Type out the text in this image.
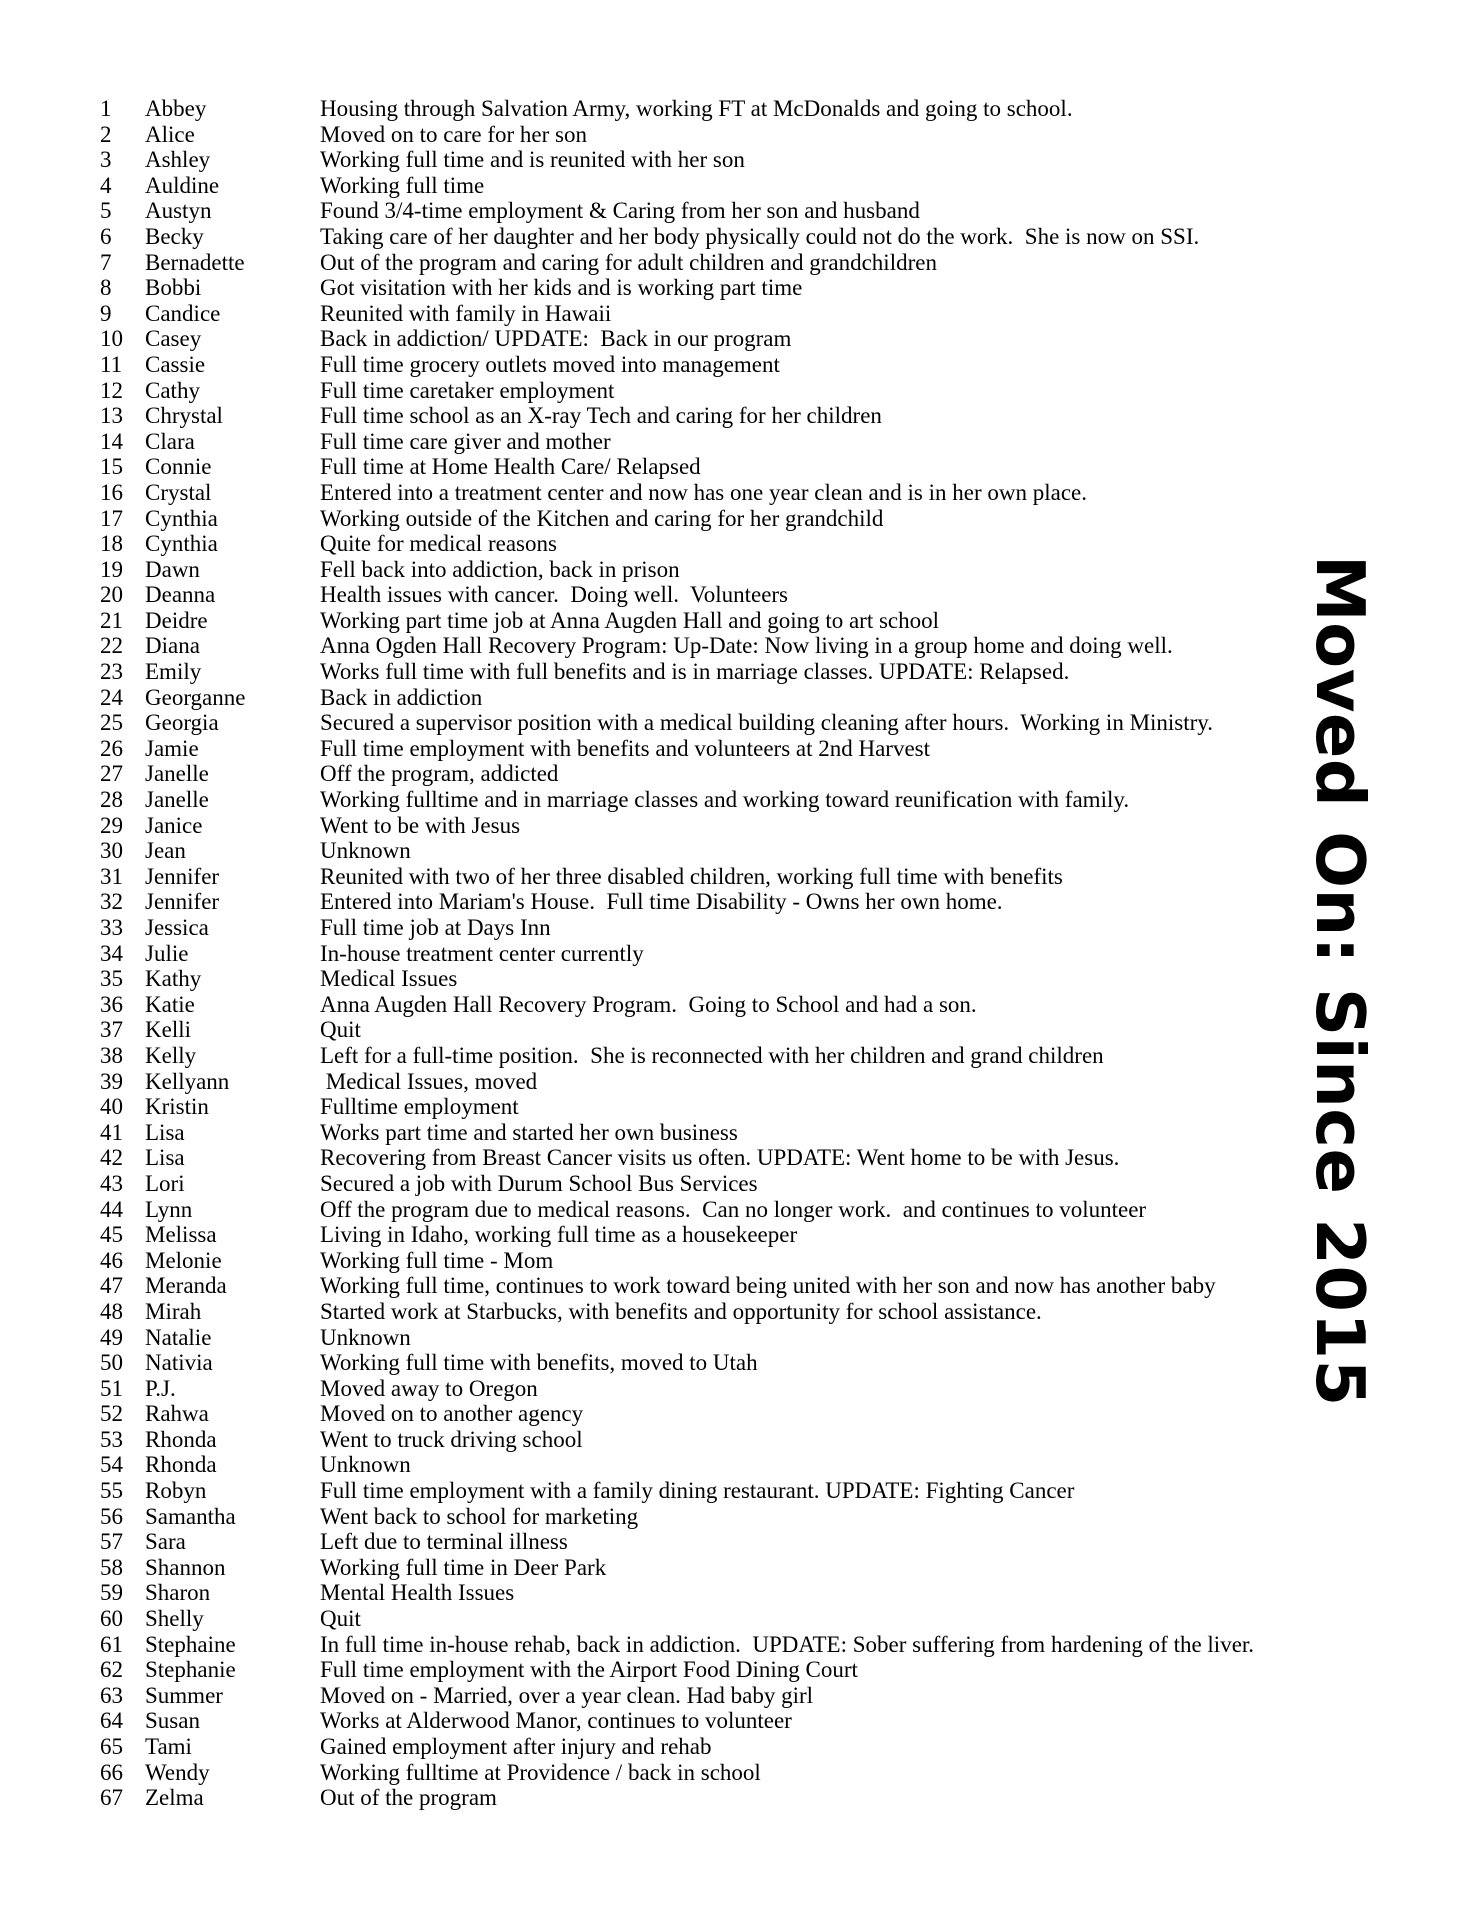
1	Abbey	Housing through Salvation Army, working FT at McDonalds and going to school.
2	Alice	Moved on to care for her son
3	Ashley	Working full time and is reunited with her son
4	Auldine	Working full time
5	Austyn	Found 3/4-time employment & Caring from her son and husband
6	Becky	Taking care of her daughter and her body physically could not do the work.  She is now on SSI.
7	Bernadette	Out of the program and caring for adult children and grandchildren
8	Bobbi	Got visitation with her kids and is working part time
9	Candice	Reunited with family in Hawaii
10 Casey	Back in addiction/ UPDATE:  Back in our program
11 Cassie	Full time grocery outlets moved into management
12 Cathy	Full time caretaker employment
13 Chrystal	Full time school as an X-ray Tech and caring for her children
14 Clara	Full time care giver and mother
15 Connie	Full time at Home Health Care/ Relapsed
16 Crystal	Entered into a treatment center and now has one year clean and is in her own place.
17 Cynthia	Working outside of the Kitchen and caring for her grandchild
18 Cynthia	Quite for medical reasons
19 Dawn	Fell back into addiction, back in prison
20 Deanna	Health issues with cancer.  Doing well.  Volunteers
21 Deidre	Working part time job at Anna Augden Hall and going to art school
22 Diana	Anna Ogden Hall Recovery Program: Up-Date: Now living in a group home and doing well.
23 Emily	Works full time with full benefits and is in marriage classes. UPDATE: Relapsed.
24 Georganne	Back in addiction
25 Georgia	Secured a supervisor position with a medical building cleaning after hours.  Working in Ministry.
26 Jamie	Full time employment with benefits and volunteers at 2nd Harvest
27 Janelle	Off the program, addicted
28 Janelle	Working fulltime and in marriage classes and working toward reunification with family.
29 Janice	Went to be with Jesus
30 Jean	Unknown
31 Jennifer	Reunited with two of her three disabled children, working full time with benefits
32 Jennifer	Entered into Mariam's House.  Full time Disability - Owns her own home.
33 Jessica	Full time job at Days Inn
34 Julie	In-house treatment center currently
35 Kathy	Medical Issues
36 Katie	Anna Augden Hall Recovery Program.  Going to School and had a son.
37 Kelli	Quit
38 Kelly	Left for a full-time position.  She is reconnected with her children and grand children
39 Kellyann	Medical Issues, moved
40 Kristin	Fulltime employment
41 Lisa	Works part time and started her own business
42 Lisa	Recovering from Breast Cancer visits us often. UPDATE: Went home to be with Jesus.
43 Lori	Secured a job with Durum School Bus Services
44 Lynn	Off the program due to medical reasons.  Can no longer work.  and continues to volunteer
45 Melissa	Living in Idaho, working full time as a housekeeper
46 Melonie	Working full time - Mom
47 Meranda	Working full time, continues to work toward being united with her son and now has another baby
48 Mirah	Started work at Starbucks, with benefits and opportunity for school assistance.
49 Natalie	Unknown
50 Nativia	Working full time with benefits, moved to Utah
51 P.J.	Moved away to Oregon
52 Rahwa	Moved on to another agency
53 Rhonda	Went to truck driving school
54 Rhonda	Unknown
55 Robyn	Full time employment with a family dining restaurant. UPDATE: Fighting Cancer
56 Samantha	Went back to school for marketing
57 Sara	Left due to terminal illness
58 Shannon	Working full time in Deer Park
59 Sharon	Mental Health Issues
60 Shelly	Quit
61 Stephaine	In full time in-house rehab, back in addiction.  UPDATE: Sober suffering from hardening of the liver.
62 Stephanie	Full time employment with the Airport Food Dining Court
63 Summer	Moved on - Married, over a year clean. Had baby girl
64 Susan	Works at Alderwood Manor, continues to volunteer
65 Tami	Gained employment after injury and rehab
66 Wendy	Working fulltime at Providence / back in school
67 Zelma	Out of the program
Moved On: Since 2015
